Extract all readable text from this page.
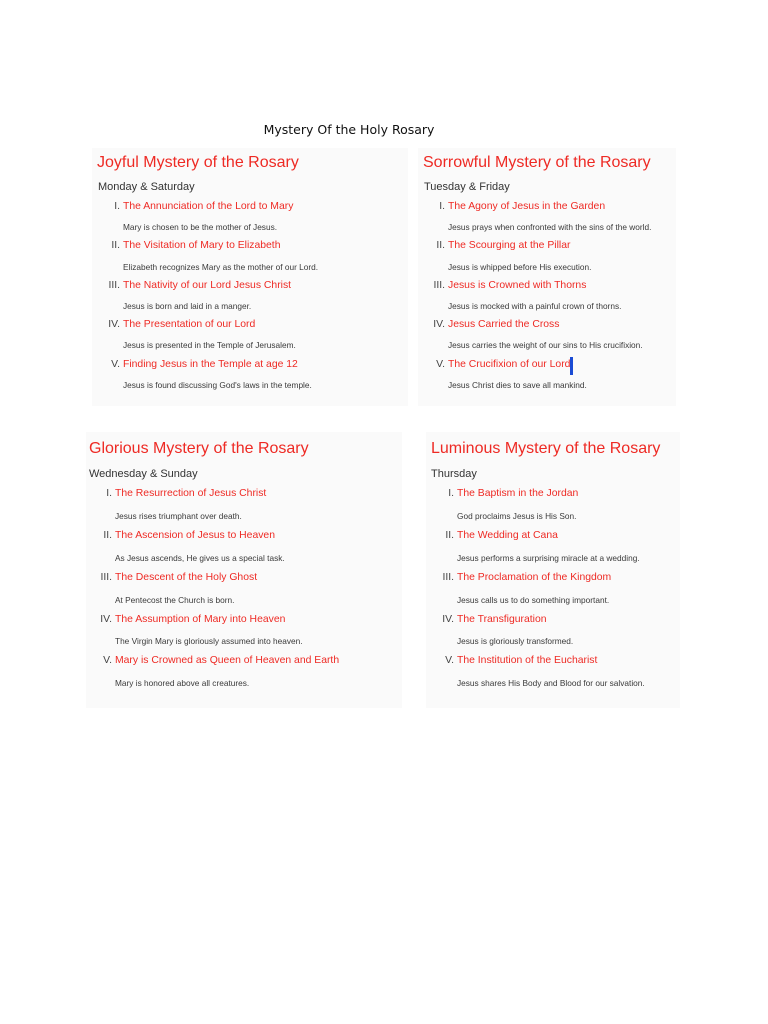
Mystery Of the Holy Rosary
Joyful Mystery of the Rosary
Monday & Saturday
I. The Annunciation of the Lord to Mary
Mary is chosen to be the mother of Jesus.
II. The Visitation of Mary to Elizabeth
Elizabeth recognizes Mary as the mother of our Lord.
III. The Nativity of our Lord Jesus Christ
Jesus is born and laid in a manger.
IV. The Presentation of our Lord
Jesus is presented in the Temple of Jerusalem.
V. Finding Jesus in the Temple at age 12
Jesus is found discussing God's laws in the temple.
Sorrowful Mystery of the Rosary
Tuesday & Friday
I. The Agony of Jesus in the Garden
Jesus prays when confronted with the sins of the world.
II. The Scourging at the Pillar
Jesus is whipped before His execution.
III. Jesus is Crowned with Thorns
Jesus is mocked with a painful crown of thorns.
IV. Jesus Carried the Cross
Jesus carries the weight of our sins to His crucifixion.
V. The Crucifixion of our Lord
Jesus Christ dies to save all mankind.
Glorious Mystery of the Rosary
Wednesday & Sunday
I. The Resurrection of Jesus Christ
Jesus rises triumphant over death.
II. The Ascension of Jesus to Heaven
As Jesus ascends, He gives us a special task.
III. The Descent of the Holy Ghost
At Pentecost the Church is born.
IV. The Assumption of Mary into Heaven
The Virgin Mary is gloriously assumed into heaven.
V. Mary is Crowned as Queen of Heaven and Earth
Mary is honored above all creatures.
Luminous Mystery of the Rosary
Thursday
I. The Baptism in the Jordan
God proclaims Jesus is His Son.
II. The Wedding at Cana
Jesus performs a surprising miracle at a wedding.
III. The Proclamation of the Kingdom
Jesus calls us to do something important.
IV. The Transfiguration
Jesus is gloriously transformed.
V. The Institution of the Eucharist
Jesus shares His Body and Blood for our salvation.
